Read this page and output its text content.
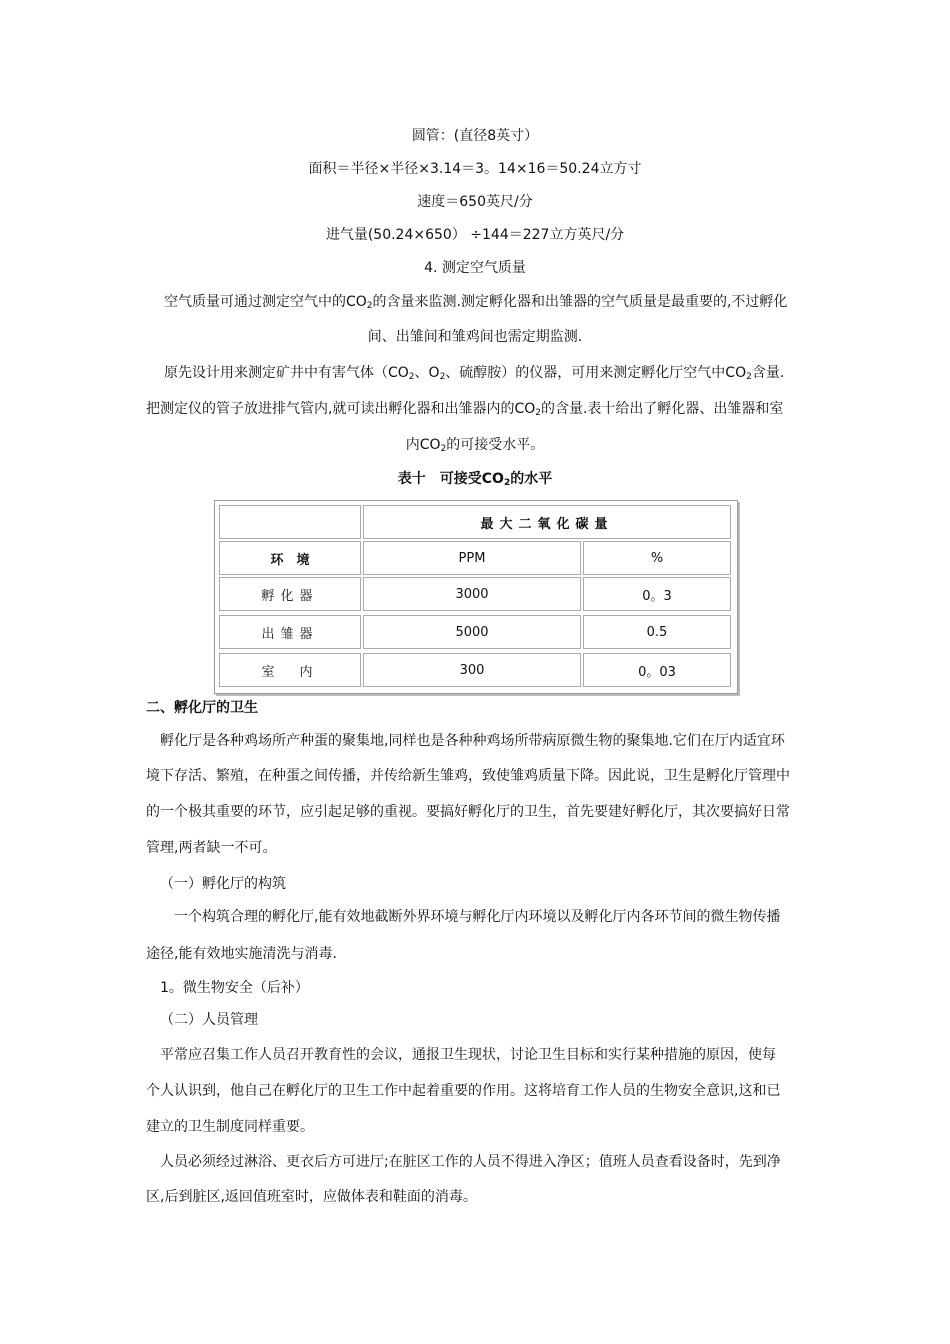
圆管：(直径8英寸）
面积＝半径×半径×3.14＝3。14×16＝50.24立方寸
速度＝650英尺/分
进气量(50.24×650） ÷144＝227立方英尺/分
4. 测定空气质量
空气质量可通过测定空气中的$CO_2$的含量来监测.测定孵化器和出雏器的空气质量是最重要的,不过孵化
间、出雏间和雏鸡间也需定期监测.
原先设计用来测定矿井中有害气体（$CO_2$、$O_2$、硫醇胺）的仪器，可用来测定孵化厅空气中$CO_2$含量.
把测定仪的管子放进排气管内,就可读出孵化器和出雏器内的$CO_2$的含量.表十给出了孵化器、出雏器和室
内$CO_2$的可接受水平。
表十　可接受$CO_2$的水平
最大二氧化碳量
环　境	PPM	%
孵化器	3000	0。3
出雏器	5000	0.5
室　内	300	0。03
二、孵化厅的卫生
孵化厅是各种鸡场所产种蛋的聚集地,同样也是各种种鸡场所带病原微生物的聚集地.它们在厅内适宜环
境下存活、繁殖，在种蛋之间传播，并传给新生雏鸡，致使雏鸡质量下降。因此说，卫生是孵化厅管理中
的一个极其重要的环节，应引起足够的重视。要搞好孵化厅的卫生，首先要建好孵化厅，其次要搞好日常
管理,两者缺一不可。
（一）孵化厅的构筑
一个构筑合理的孵化厅,能有效地截断外界环境与孵化厅内环境以及孵化厅内各环节间的微生物传播
途径,能有效地实施清洗与消毒.
1。微生物安全（后补）
（二）人员管理
平常应召集工作人员召开教育性的会议，通报卫生现状，讨论卫生目标和实行某种措施的原因，使每
个人认识到，他自己在孵化厅的卫生工作中起着重要的作用。这将培育工作人员的生物安全意识,这和已
建立的卫生制度同样重要。
人员必须经过淋浴、更衣后方可进厅;在脏区工作的人员不得进入净区；值班人员查看设备时，先到净
区,后到脏区,返回值班室时，应做体表和鞋面的消毒。
